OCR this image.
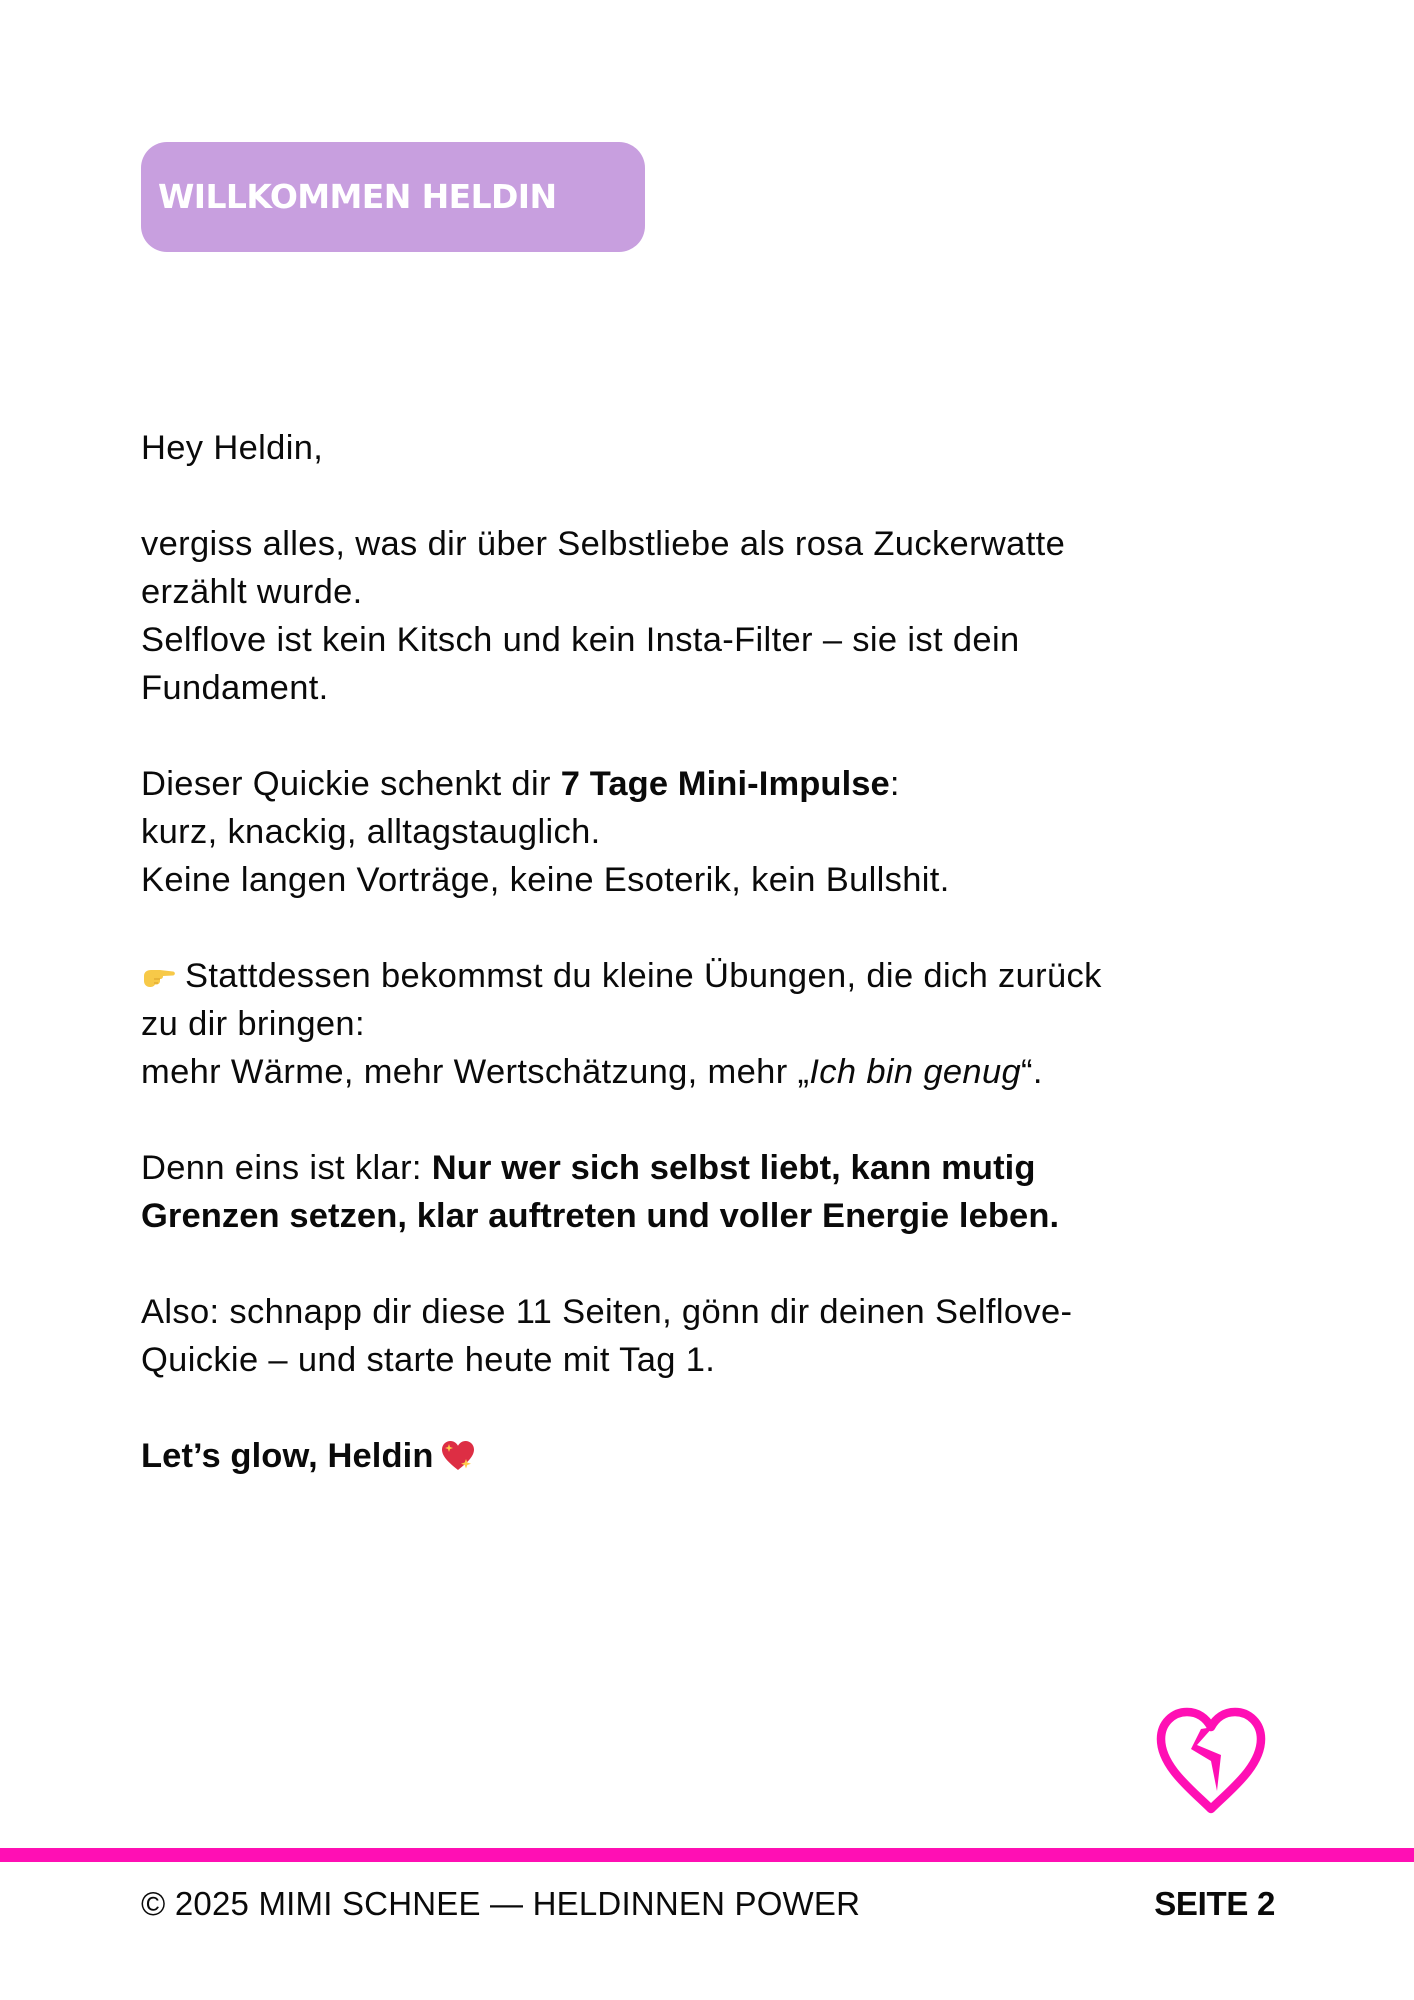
WILLKOMMEN HELDIN
Hey Heldin,
vergiss alles, was dir über Selbstliebe als rosa Zuckerwatte
erzählt wurde.
Selflove ist kein Kitsch und kein Insta-Filter – sie ist dein
Fundament.
Dieser Quickie schenkt dir 7 Tage Mini-Impulse:
kurz, knackig, alltagstauglich.
Keine langen Vorträge, keine Esoterik, kein Bullshit.
Stattdessen bekommst du kleine Übungen, die dich zurück
zu dir bringen:
mehr Wärme, mehr Wertschätzung, mehr „Ich bin genug“.
Denn eins ist klar: Nur wer sich selbst liebt, kann mutig
Grenzen setzen, klar auftreten und voller Energie leben.
Also: schnapp dir diese 11 Seiten, gönn dir deinen Selflove-
Quickie – und starte heute mit Tag 1.
Let’s glow, Heldin
© 2025 MIMI SCHNEE — HELDINNEN POWER	SEITE 2
